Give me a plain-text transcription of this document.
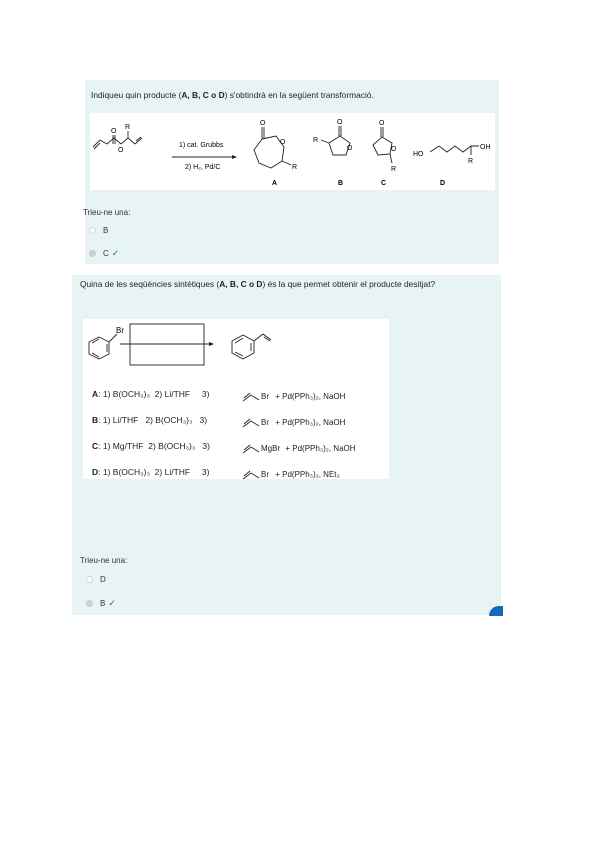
Indiqueu quin producte (A, B, C o D) s'obtindrà en la següent transformació.
O
R
O
1) cat. Grubbs
2) H₂, Pd/C
O
O
R
O
O
R
O
O
R
HO
OH
R
A	B	C	D
Trieu-ne una:
B
C ✓
Quina de les seqüències sintètiques (A, B, C o D) és la que permet obtenir el producte desitjat?
Br
A: 1) B(OCH₃)₃ 2) Li/THF 3)	Br + Pd(PPh₃)₂, NaOH
B: 1) Li/THF 2) B(OCH₃)₃ 3)	Br + Pd(PPh₃)₂, NaOH
C: 1) Mg/THF 2) B(OCH₃)₃ 3)	MgBr + Pd(PPh₃)₂, NaOH
D: 1) B(OCH₃)₃ 2) Li/THF 3)	Br + Pd(PPh₃)₂, NEt₃
Trieu-ne una:
D
B ✓
